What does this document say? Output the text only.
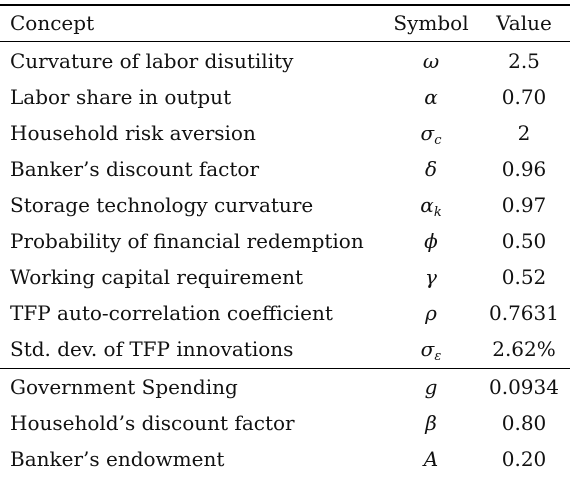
Concept	Symbol	Value
Curvature of labor disutility	ω	2.5
Labor share in output	α	0.70
Household risk aversion	$\sigma_c$	2
Banker’s discount factor	δ	0.96
Storage technology curvature	$\alpha_k$	0.97
Probability of financial redemption	ϕ	0.50
Working capital requirement	γ	0.52
TFP auto-correlation coefficient	ρ	0.7631
Std. dev. of TFP innovations	$\sigma_\varepsilon$	2.62%
Government Spending	g	0.0934
Household’s discount factor	β	0.80
Banker’s endowment	A	0.20
